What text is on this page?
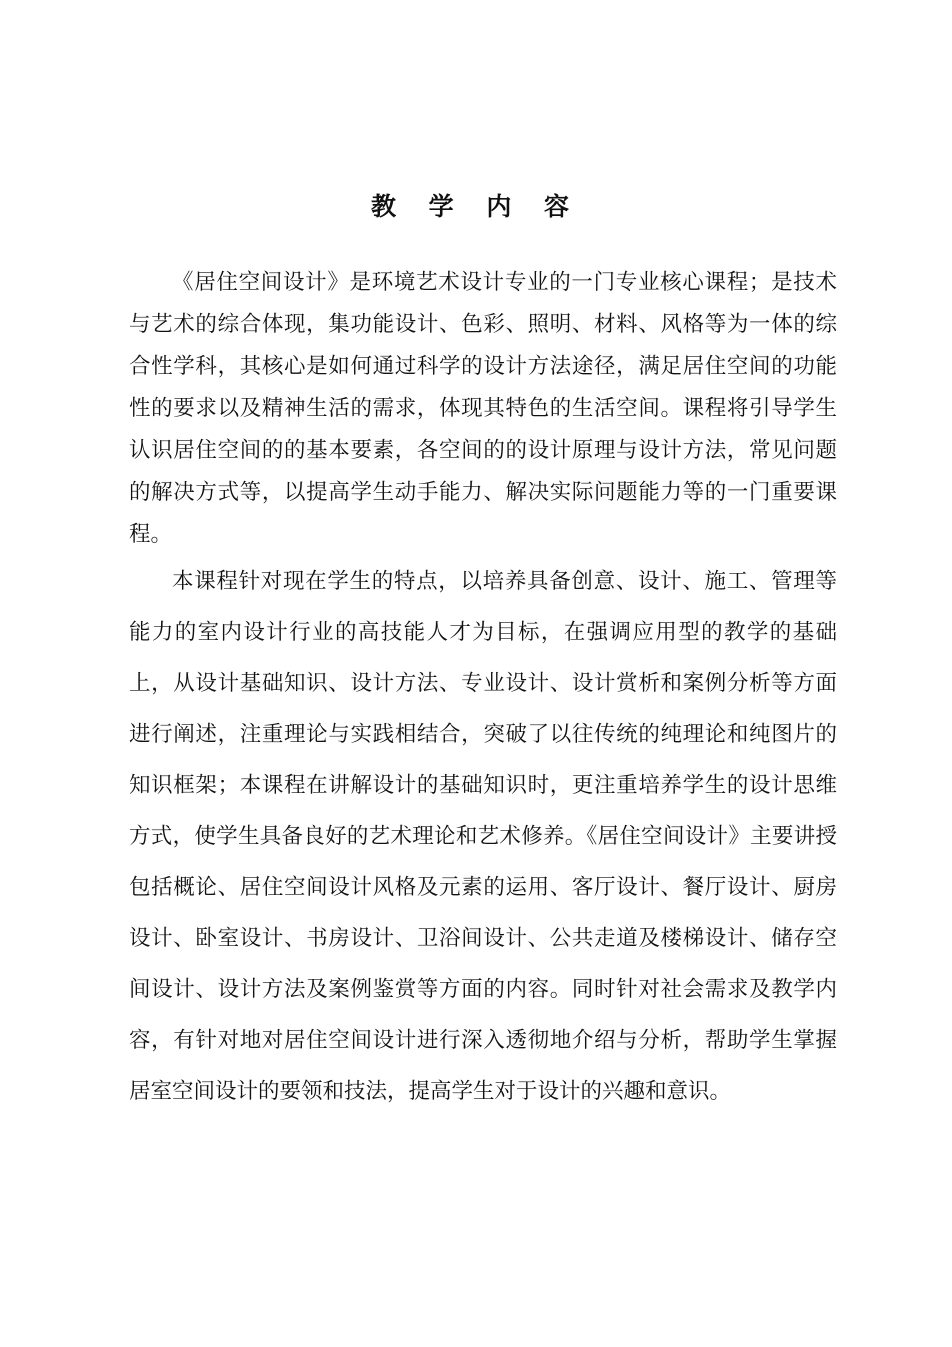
教 学 内 容

《居住空间设计》是环境艺术设计专业的一门专业核心课程；是技术与艺术的综合体现，集功能设计、色彩、照明、材料、风格等为一体的综合性学科，其核心是如何通过科学的设计方法途径，满足居住空间的功能性的要求以及精神生活的需求，体现其特色的生活空间。课程将引导学生认识居住空间的的基本要素，各空间的的设计原理与设计方法，常见问题的解决方式等，以提高学生动手能力、解决实际问题能力等的一门重要课程。

本课程针对现在学生的特点，以培养具备创意、设计、施工、管理等能力的室内设计行业的高技能人才为目标，在强调应用型的教学的基础上，从设计基础知识、设计方法、专业设计、设计赏析和案例分析等方面进行阐述，注重理论与实践相结合，突破了以往传统的纯理论和纯图片的知识框架；本课程在讲解设计的基础知识时，更注重培养学生的设计思维方式，使学生具备良好的艺术理论和艺术修养。《居住空间设计》主要讲授包括概论、居住空间设计风格及元素的运用、客厅设计、餐厅设计、厨房设计、卧室设计、书房设计、卫浴间设计、公共走道及楼梯设计、储存空间设计、设计方法及案例鉴赏等方面的内容。同时针对社会需求及教学内容，有针对地对居住空间设计进行深入透彻地介绍与分析，帮助学生掌握居室空间设计的要领和技法，提高学生对于设计的兴趣和意识。
